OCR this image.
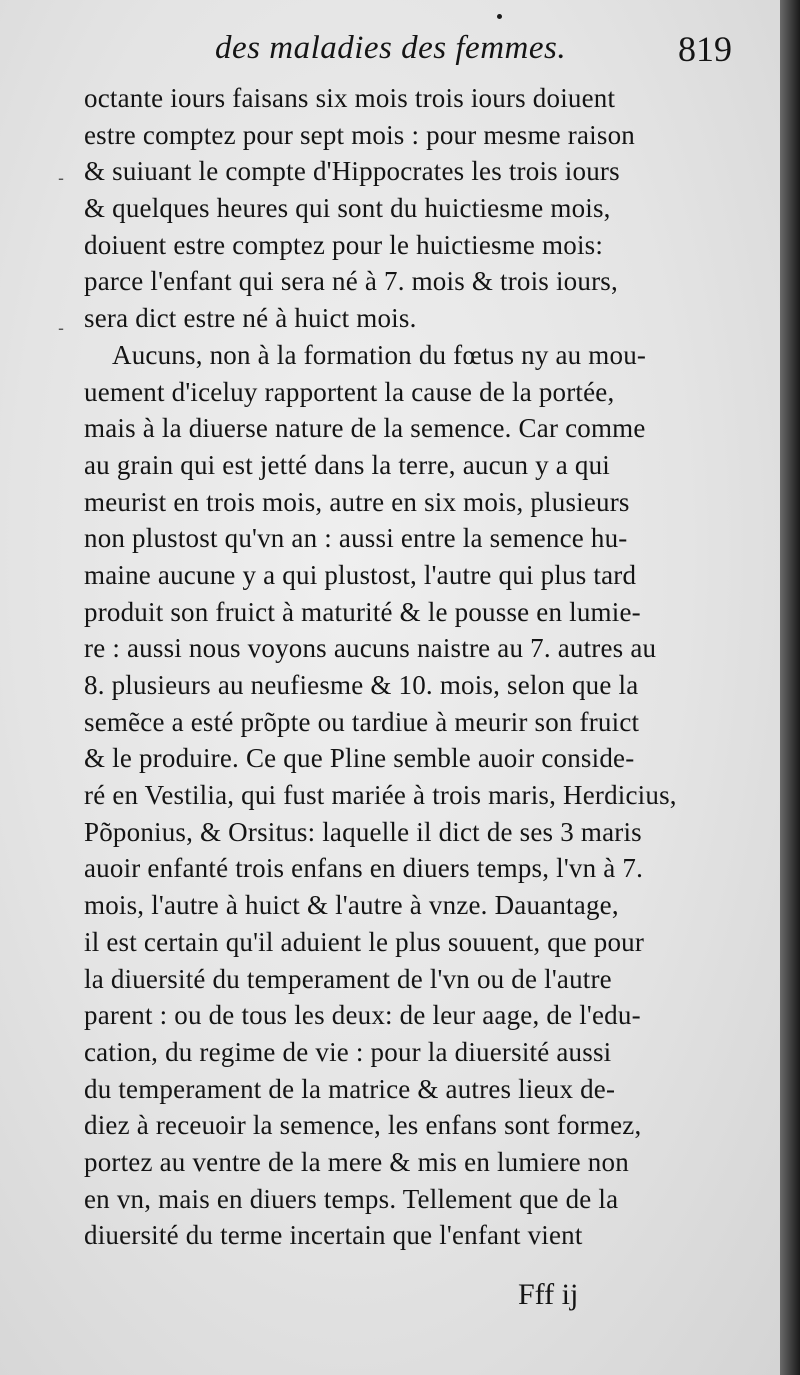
des maladies des femmes.	819
octante iours faisans six mois trois iours doiuent
estre comptez pour sept mois : pour mesme raison
& suiuant le compte d'Hippocrates les trois iours
& quelques heures qui sont du huictiesme mois,
doiuent estre comptez pour le huictiesme mois:
parce l'enfant qui sera né à 7. mois & trois iours,
sera dict estre né à huict mois.
Aucuns, non à la formation du fœtus ny au mou-
uement d'iceluy rapportent la cause de la portée,
mais à la diuerse nature de la semence. Car comme
au grain qui est jetté dans la terre, aucun y a qui
meurist en trois mois, autre en six mois, plusieurs
non plustost qu'vn an : aussi entre la semence hu-
maine aucune y a qui plustost, l'autre qui plus tard
produit son fruict à maturité & le pousse en lumie-
re : aussi nous voyons aucuns naistre au 7. autres au
8. plusieurs au neufiesme & 10. mois, selon que la
semẽce a esté prõpte ou tardiue à meurir son fruict
& le produire. Ce que Pline semble auoir conside-
ré en Vestilia, qui fust mariée à trois maris, Herdicius,
Põponius, & Orsitus: laquelle il dict de ses 3 maris
auoir enfanté trois enfans en diuers temps, l'vn à 7.
mois, l'autre à huict & l'autre à vnze. Dauantage,
il est certain qu'il aduient le plus souuent, que pour
la diuersité du temperament de l'vn ou de l'autre
parent : ou de tous les deux: de leur aage, de l'edu-
cation, du regime de vie : pour la diuersité aussi
du temperament de la matrice & autres lieux de-
diez à receuoir la semence, les enfans sont formez,
portez au ventre de la mere & mis en lumiere non
en vn, mais en diuers temps. Tellement que de la
diuersité du terme incertain que l'enfant vient
Fff ij
-
-
